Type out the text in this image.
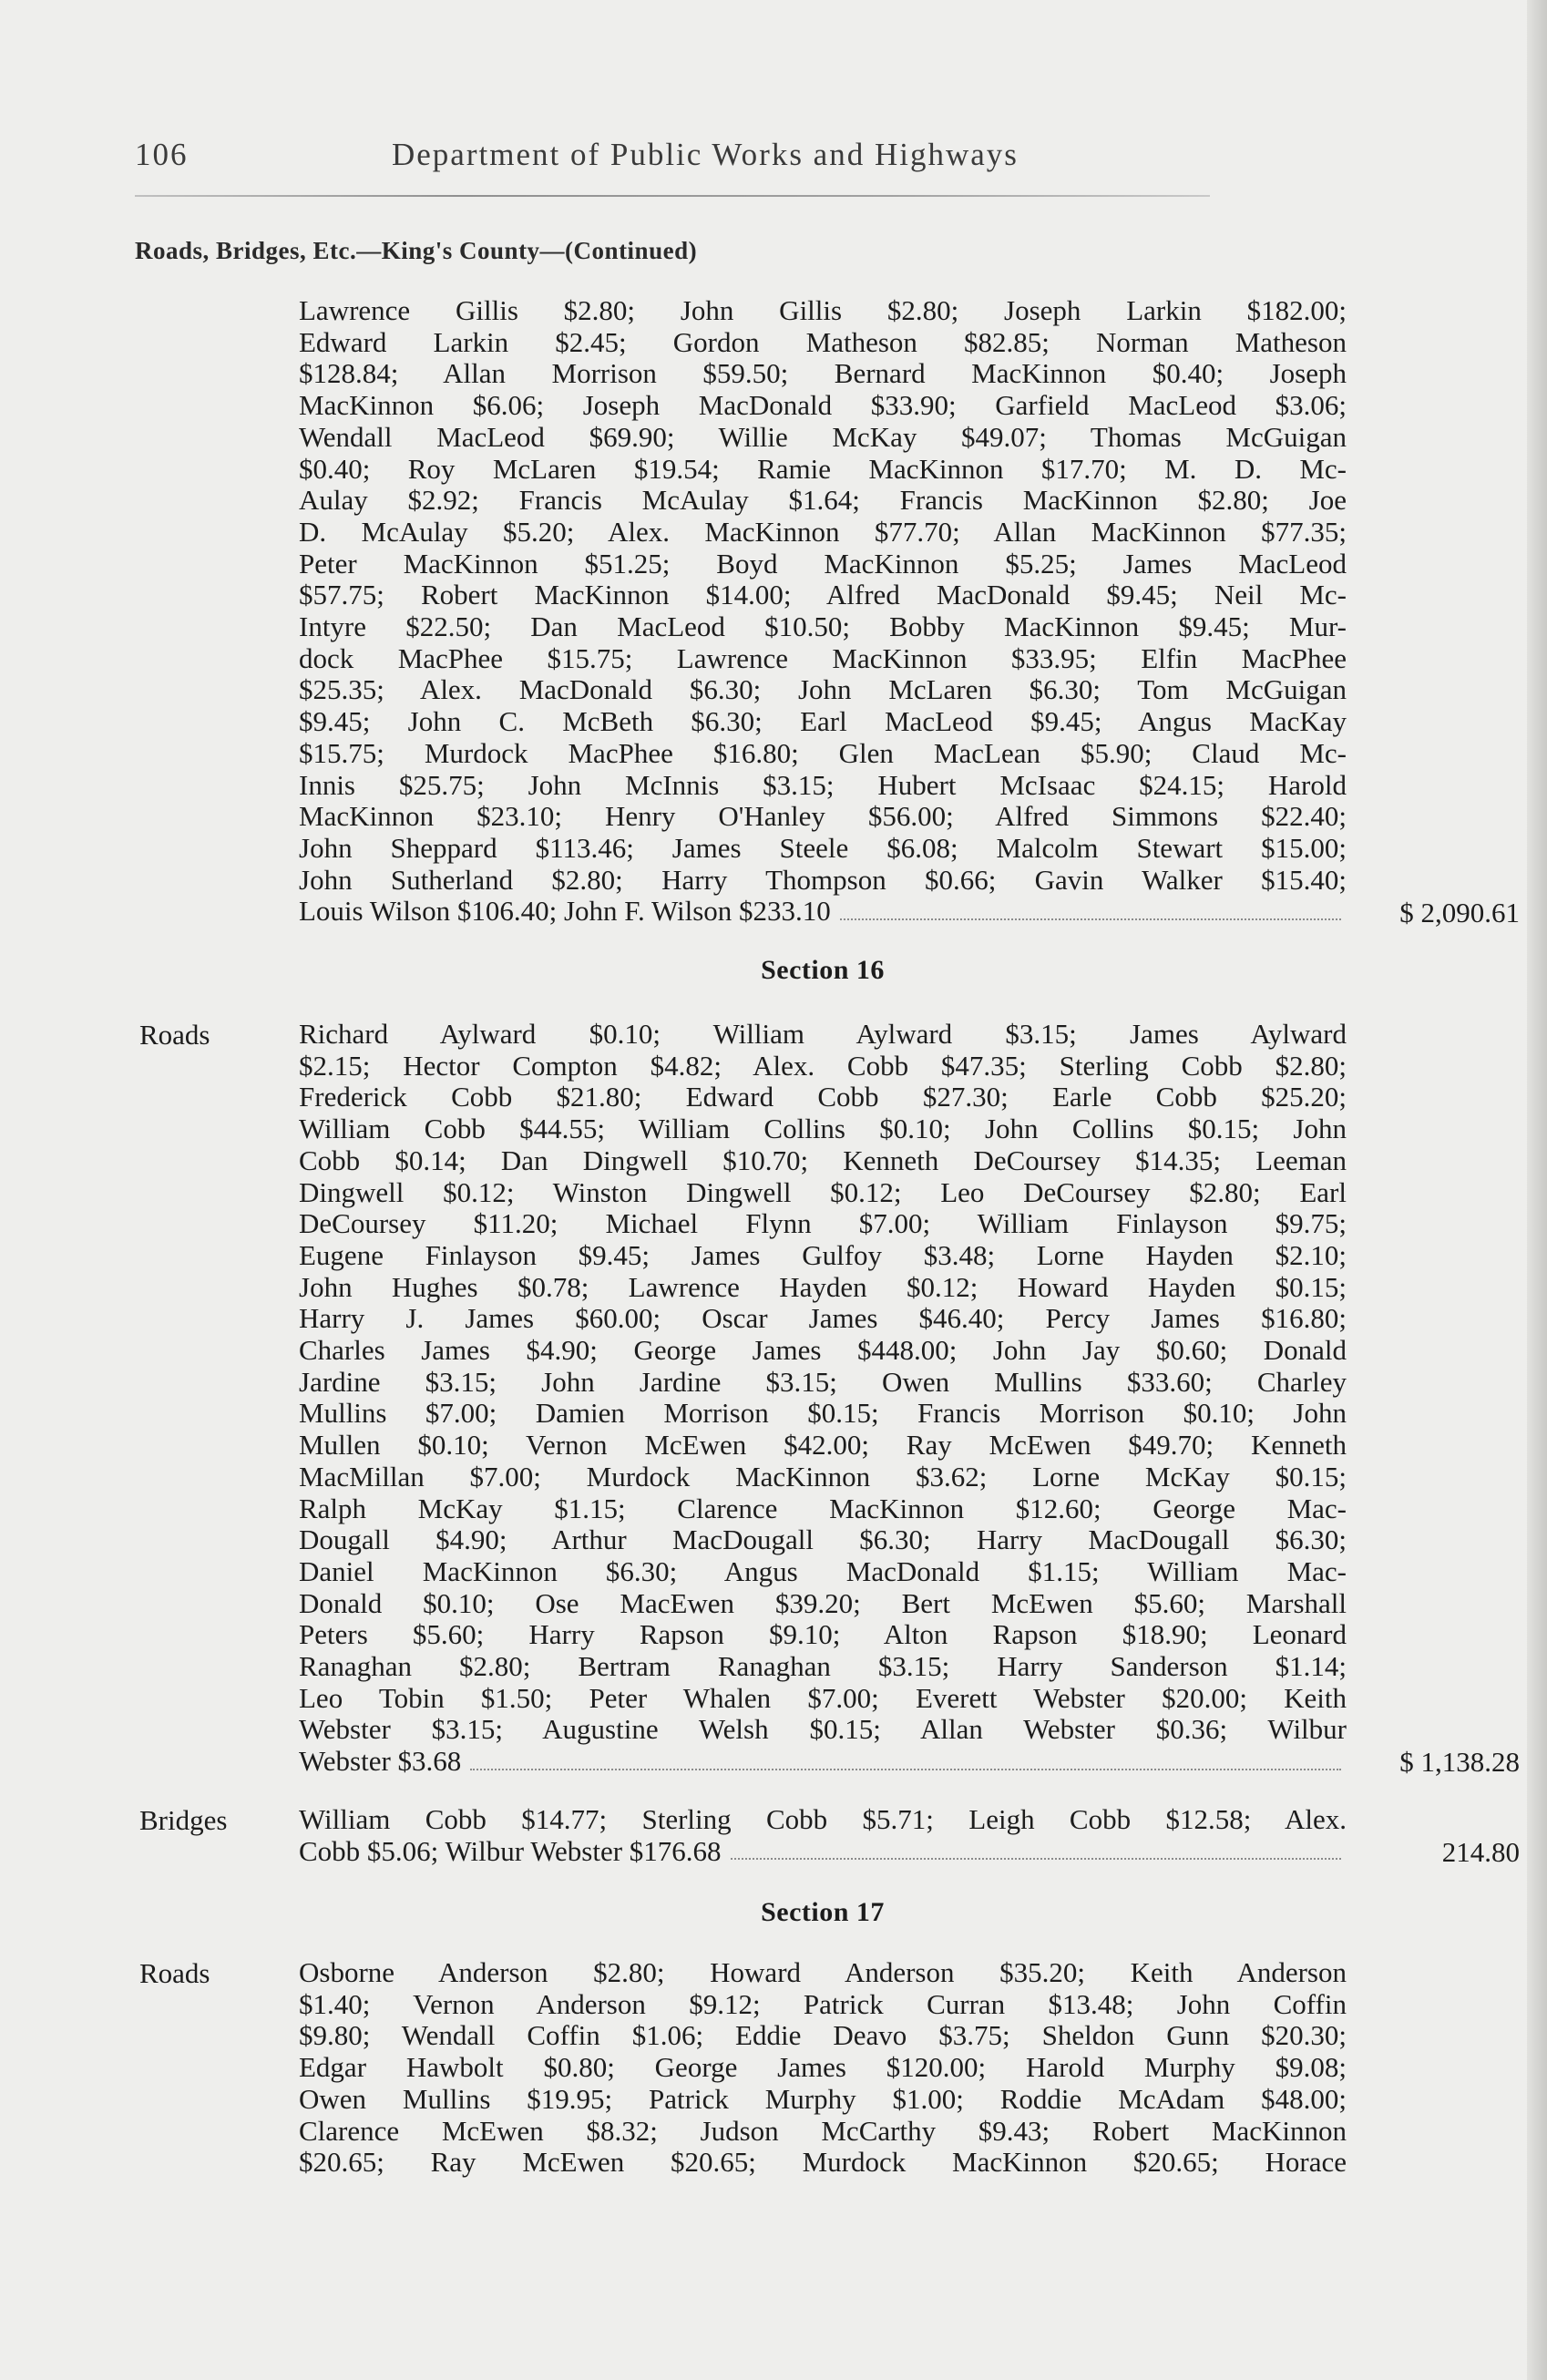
106	Department of Public Works and Highways
Roads, Bridges, Etc.—King's County—(Continued)
Lawrence Gillis $2.80; John Gillis $2.80; Joseph Larkin $182.00;
Edward Larkin $2.45; Gordon Matheson $82.85; Norman Matheson
$128.84; Allan Morrison $59.50; Bernard MacKinnon $0.40; Joseph
MacKinnon $6.06; Joseph MacDonald $33.90; Garfield MacLeod $3.06;
Wendall MacLeod $69.90; Willie McKay $49.07; Thomas McGuigan
$0.40; Roy McLaren $19.54; Ramie MacKinnon $17.70; M. D. Mc-
Aulay $2.92; Francis McAulay $1.64; Francis MacKinnon $2.80; Joe
D. McAulay $5.20; Alex. MacKinnon $77.70; Allan MacKinnon $77.35;
Peter MacKinnon $51.25; Boyd MacKinnon $5.25; James MacLeod
$57.75; Robert MacKinnon $14.00; Alfred MacDonald $9.45; Neil Mc-
Intyre $22.50; Dan MacLeod $10.50; Bobby MacKinnon $9.45; Mur-
dock MacPhee $15.75; Lawrence MacKinnon $33.95; Elfin MacPhee
$25.35; Alex. MacDonald $6.30; John McLaren $6.30; Tom McGuigan
$9.45; John C. McBeth $6.30; Earl MacLeod $9.45; Angus MacKay
$15.75; Murdock MacPhee $16.80; Glen MacLean $5.90; Claud Mc-
Innis $25.75; John McInnis $3.15; Hubert McIsaac $24.15; Harold
MacKinnon $23.10; Henry O'Hanley $56.00; Alfred Simmons $22.40;
John Sheppard $113.46; James Steele $6.08; Malcolm Stewart $15.00;
John Sutherland $2.80; Harry Thompson $0.66; Gavin Walker $15.40;
Louis Wilson $106.40; John F. Wilson $233.10	$ 2,090.61
Section 16
Roads	Richard Aylward $0.10; William Aylward $3.15; James Aylward
$2.15; Hector Compton $4.82; Alex. Cobb $47.35; Sterling Cobb $2.80;
Frederick Cobb $21.80; Edward Cobb $27.30; Earle Cobb $25.20;
William Cobb $44.55; William Collins $0.10; John Collins $0.15; John
Cobb $0.14; Dan Dingwell $10.70; Kenneth DeCoursey $14.35; Leeman
Dingwell $0.12; Winston Dingwell $0.12; Leo DeCoursey $2.80; Earl
DeCoursey $11.20; Michael Flynn $7.00; William Finlayson $9.75;
Eugene Finlayson $9.45; James Gulfoy $3.48; Lorne Hayden $2.10;
John Hughes $0.78; Lawrence Hayden $0.12; Howard Hayden $0.15;
Harry J. James $60.00; Oscar James $46.40; Percy James $16.80;
Charles James $4.90; George James $448.00; John Jay $0.60; Donald
Jardine $3.15; John Jardine $3.15; Owen Mullins $33.60; Charley
Mullins $7.00; Damien Morrison $0.15; Francis Morrison $0.10; John
Mullen $0.10; Vernon McEwen $42.00; Ray McEwen $49.70; Kenneth
MacMillan $7.00; Murdock MacKinnon $3.62; Lorne McKay $0.15;
Ralph McKay $1.15; Clarence MacKinnon $12.60; George Mac-
Dougall $4.90; Arthur MacDougall $6.30; Harry MacDougall $6.30;
Daniel MacKinnon $6.30; Angus MacDonald $1.15; William Mac-
Donald $0.10; Ose MacEwen $39.20; Bert McEwen $5.60; Marshall
Peters $5.60; Harry Rapson $9.10; Alton Rapson $18.90; Leonard
Ranaghan $2.80; Bertram Ranaghan $3.15; Harry Sanderson $1.14;
Leo Tobin $1.50; Peter Whalen $7.00; Everett Webster $20.00; Keith
Webster $3.15; Augustine Welsh $0.15; Allan Webster $0.36; Wilbur
Webster $3.68	$ 1,138.28
Bridges	William Cobb $14.77; Sterling Cobb $5.71; Leigh Cobb $12.58; Alex.
Cobb $5.06; Wilbur Webster $176.68	214.80
Section 17
Roads	Osborne Anderson $2.80; Howard Anderson $35.20; Keith Anderson
$1.40; Vernon Anderson $9.12; Patrick Curran $13.48; John Coffin
$9.80; Wendall Coffin $1.06; Eddie Deavo $3.75; Sheldon Gunn $20.30;
Edgar Hawbolt $0.80; George James $120.00; Harold Murphy $9.08;
Owen Mullins $19.95; Patrick Murphy $1.00; Roddie McAdam $48.00;
Clarence McEwen $8.32; Judson McCarthy $9.43; Robert MacKinnon
$20.65; Ray McEwen $20.65; Murdock MacKinnon $20.65; Horace
